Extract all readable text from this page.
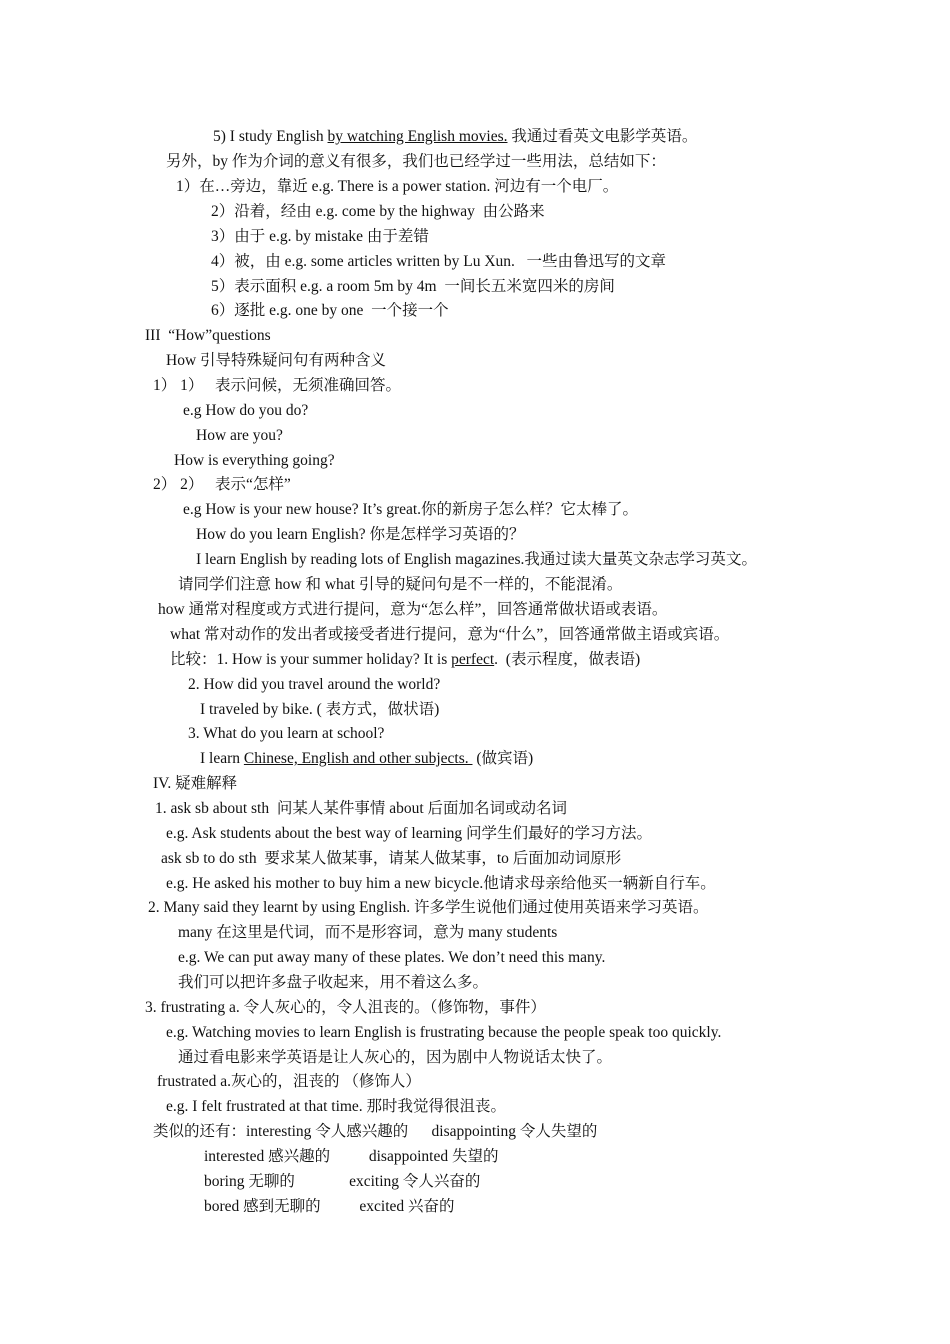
5) I study English by watching English movies. 我通过看英文电影学英语。
另外，by 作为介词的意义有很多，我们也已经学过一些用法，总结如下：
1）在…旁边，靠近 e.g. There is a power station. 河边有一个电厂。
2）沿着，经由 e.g. come by the highway  由公路来
3）由于 e.g. by mistake 由于差错
4）被，由 e.g. some articles written by Lu Xun.   一些由鲁迅写的文章
5）表示面积 e.g. a room 5m by 4m  一间长五米宽四米的房间
6）逐批 e.g. one by one  一个接一个
III  “How”questions
How 引导特殊疑问句有两种含义
1） 1）   表示问候，无须准确回答。
e.g How do you do?
How are you?
How is everything going?
2） 2）   表示“怎样”
e.g How is your new house? It’s great.你的新房子怎么样？它太棒了。
How do you learn English? 你是怎样学习英语的？
I learn English by reading lots of English magazines.我通过读大量英文杂志学习英文。
请同学们注意 how 和 what 引导的疑问句是不一样的，不能混淆。
how 通常对程度或方式进行提问，意为“怎么样”，回答通常做状语或表语。
what 常对动作的发出者或接受者进行提问，意为“什么”，回答通常做主语或宾语。
比较：1. How is your summer holiday? It is perfect.  (表示程度，做表语)
2. How did you travel around the world?
I traveled by bike. ( 表方式，做状语)
3. What do you learn at school?
I learn Chinese, English and other subjects.  (做宾语)
IV. 疑难解释
1. ask sb about sth  问某人某件事情 about 后面加名词或动名词
e.g. Ask students about the best way of learning 问学生们最好的学习方法。
ask sb to do sth  要求某人做某事，请某人做某事，to 后面加动词原形
e.g. He asked his mother to buy him a new bicycle.他请求母亲给他买一辆新自行车。
2. Many said they learnt by using English. 许多学生说他们通过使用英语来学习英语。
many 在这里是代词，而不是形容词，意为 many students
e.g. We can put away many of these plates. We don’t need this many.
我们可以把许多盘子收起来，用不着这么多。
3. frustrating a. 令人灰心的，令人沮丧的。（修饰物，事件）
e.g. Watching movies to learn English is frustrating because the people speak too quickly.
通过看电影来学英语是让人灰心的，因为剧中人物说话太快了。
frustrated a.灰心的，沮丧的 （修饰人）
e.g. I felt frustrated at that time. 那时我觉得很沮丧。
类似的还有：interesting 令人感兴趣的      disappointing 令人失望的
interested 感兴趣的          disappointed 失望的
boring 无聊的              exciting 令人兴奋的
bored 感到无聊的          excited 兴奋的
